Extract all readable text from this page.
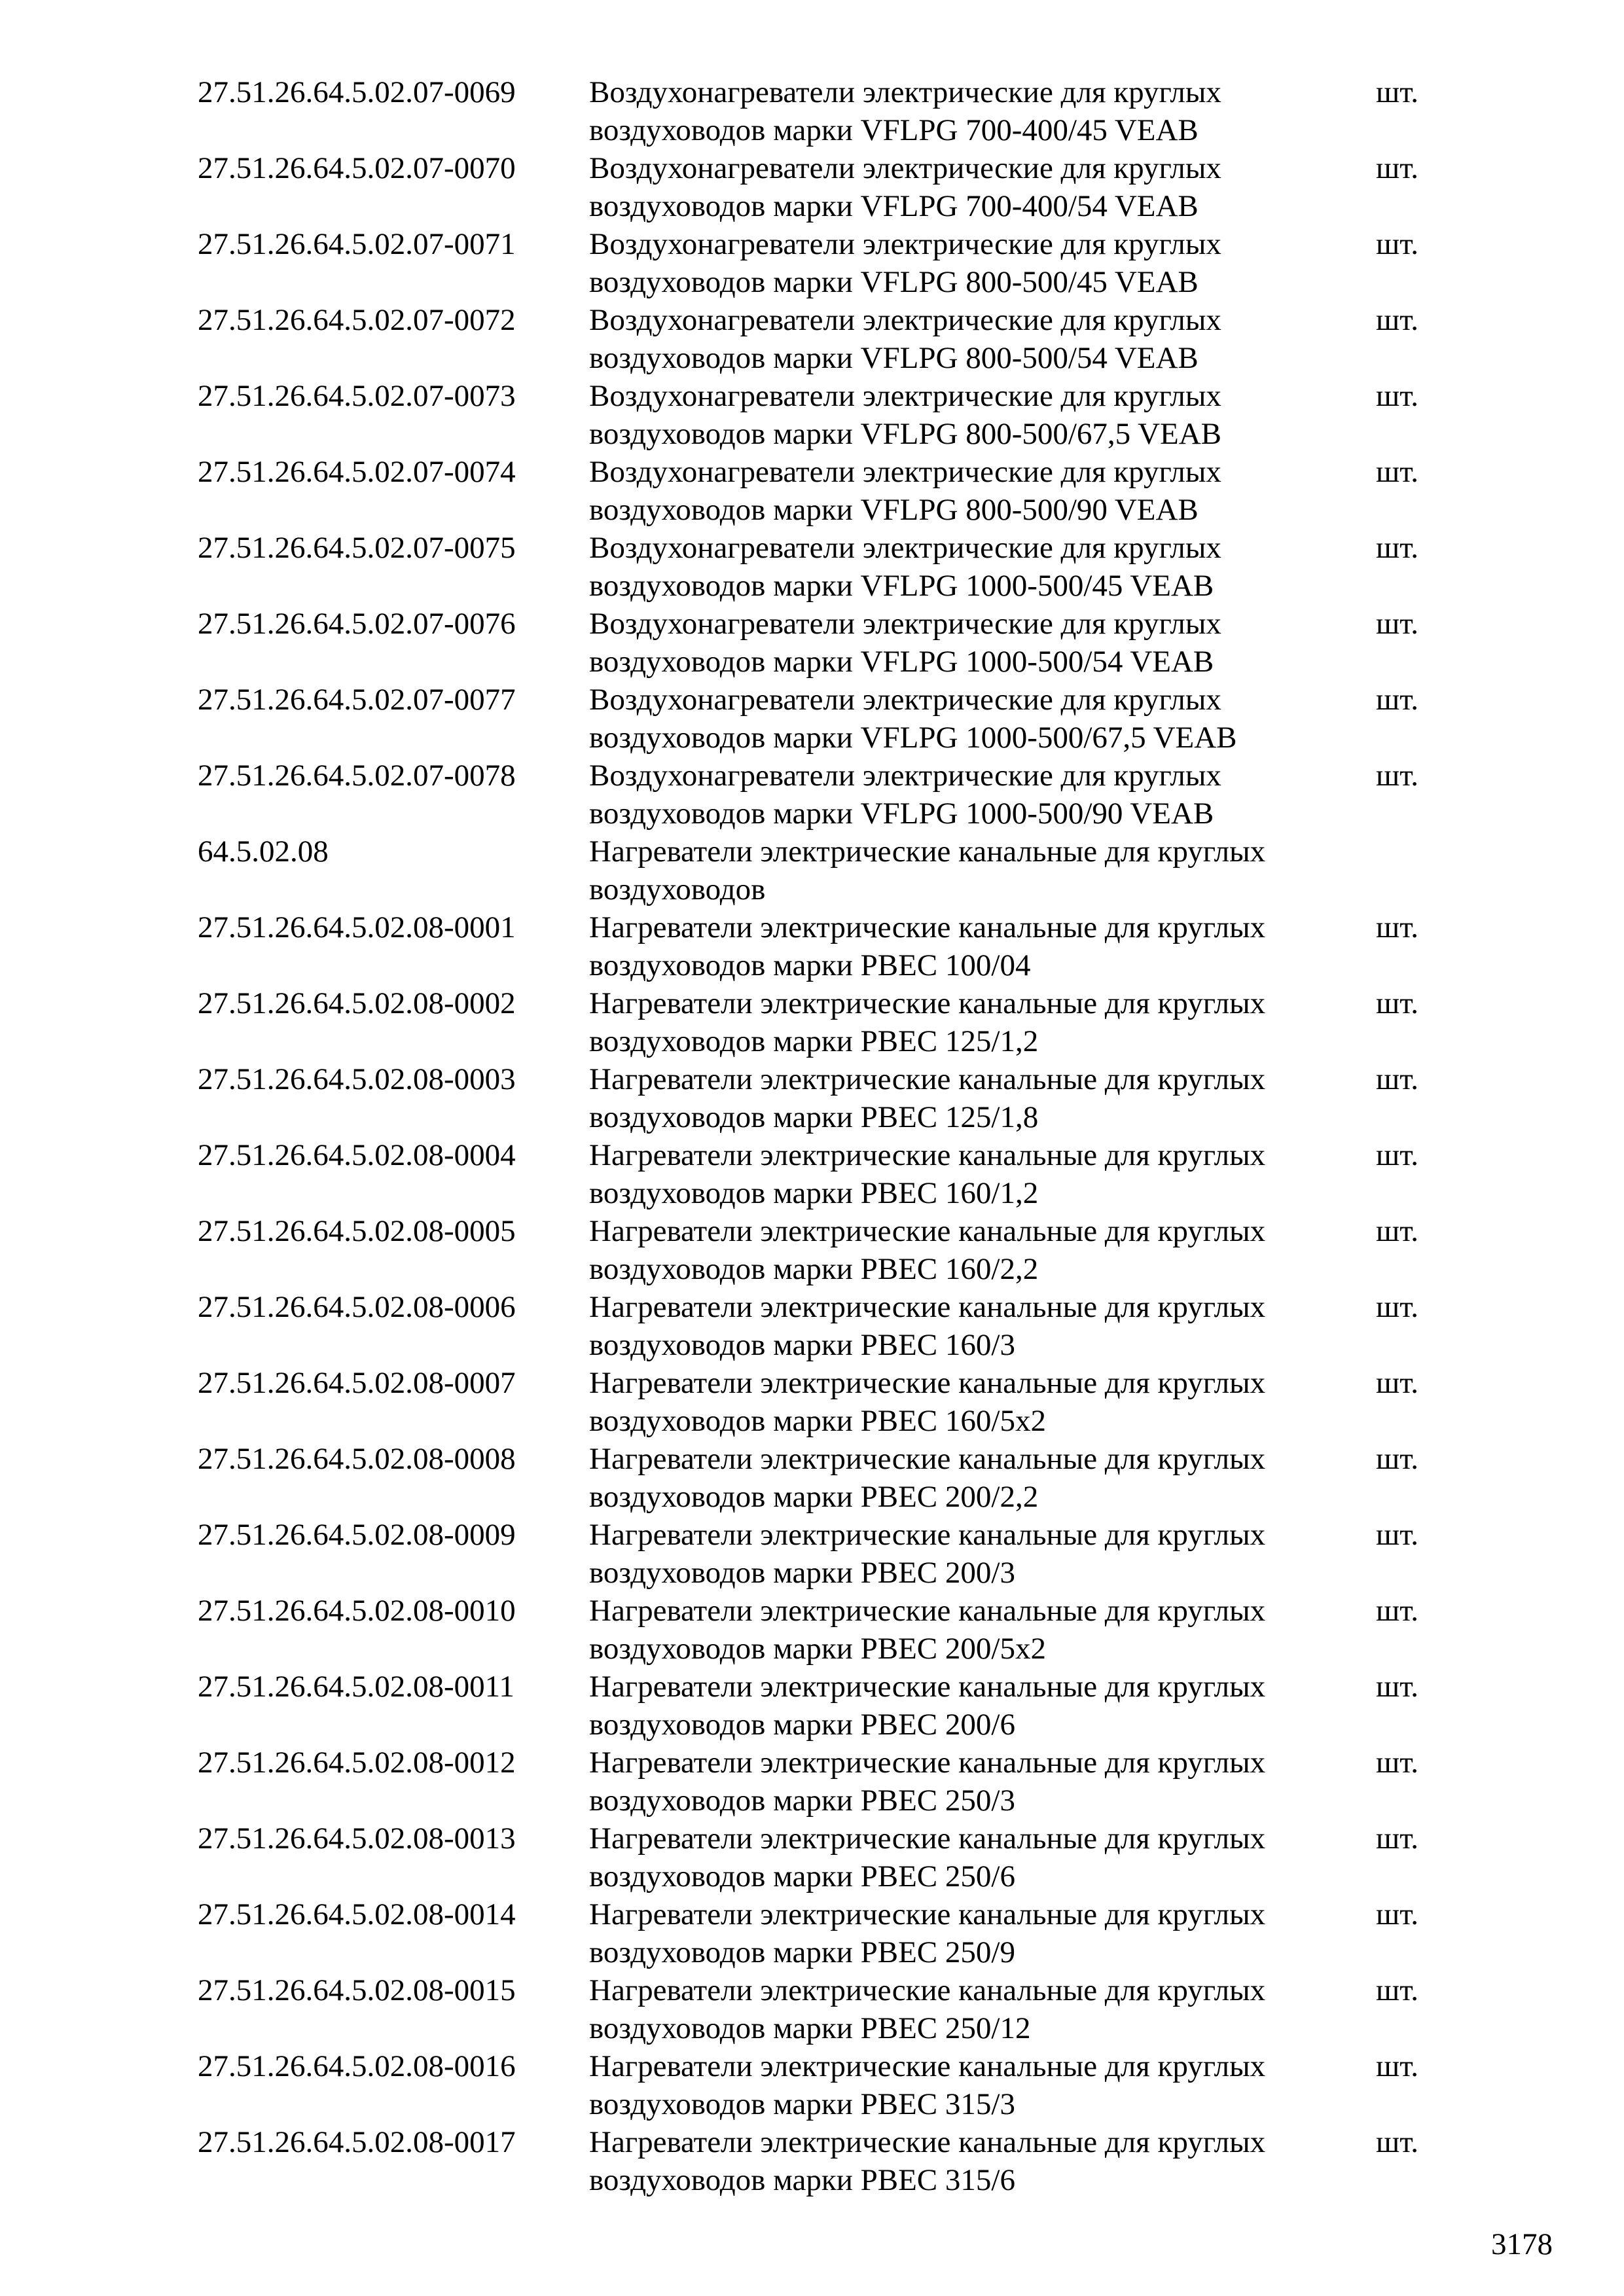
27.51.26.64.5.02.07-0069 Воздухонагреватели электрические для круглых
воздуховодов марки VFLPG 700-400/45 VEAB
шт.
27.51.26.64.5.02.07-0070 Воздухонагреватели электрические для круглых
воздуховодов марки VFLPG 700-400/54 VEAB
шт.
27.51.26.64.5.02.07-0071 Воздухонагреватели электрические для круглых
воздуховодов марки VFLPG 800-500/45 VEAB
шт.
27.51.26.64.5.02.07-0072 Воздухонагреватели электрические для круглых
воздуховодов марки VFLPG 800-500/54 VEAB
шт.
27.51.26.64.5.02.07-0073 Воздухонагреватели электрические для круглых
воздуховодов марки VFLPG 800-500/67,5 VEAB
шт.
27.51.26.64.5.02.07-0074 Воздухонагреватели электрические для круглых
воздуховодов марки VFLPG 800-500/90 VEAB
шт.
27.51.26.64.5.02.07-0075 Воздухонагреватели электрические для круглых
воздуховодов марки VFLPG 1000-500/45 VEAB
шт.
27.51.26.64.5.02.07-0076 Воздухонагреватели электрические для круглых
воздуховодов марки VFLPG 1000-500/54 VEAB
шт.
27.51.26.64.5.02.07-0077 Воздухонагреватели электрические для круглых
воздуховодов марки VFLPG 1000-500/67,5 VEAB
шт.
27.51.26.64.5.02.07-0078 Воздухонагреватели электрические для круглых
воздуховодов марки VFLPG 1000-500/90 VEAB
шт.
64.5.02.08	Нагреватели электрические канальные для круглых
воздуховодов
27.51.26.64.5.02.08-0001 Нагреватели электрические канальные для круглых
воздуховодов марки PBEC 100/04
шт.
27.51.26.64.5.02.08-0002 Нагреватели электрические канальные для круглых
воздуховодов марки PBEC 125/1,2
шт.
27.51.26.64.5.02.08-0003 Нагреватели электрические канальные для круглых
воздуховодов марки PBEC 125/1,8
шт.
27.51.26.64.5.02.08-0004 Нагреватели электрические канальные для круглых
воздуховодов марки PBEC 160/1,2
шт.
27.51.26.64.5.02.08-0005 Нагреватели электрические канальные для круглых
воздуховодов марки PBEC 160/2,2
шт.
27.51.26.64.5.02.08-0006 Нагреватели электрические канальные для круглых
воздуховодов марки PBEC 160/3
шт.
27.51.26.64.5.02.08-0007 Нагреватели электрические канальные для круглых
воздуховодов марки PBEC 160/5x2
шт.
27.51.26.64.5.02.08-0008 Нагреватели электрические канальные для круглых
воздуховодов марки PBEC 200/2,2
шт.
27.51.26.64.5.02.08-0009 Нагреватели электрические канальные для круглых
воздуховодов марки PBEC 200/3
шт.
27.51.26.64.5.02.08-0010 Нагреватели электрические канальные для круглых
воздуховодов марки PBEC 200/5x2
шт.
27.51.26.64.5.02.08-0011 Нагреватели электрические канальные для круглых
воздуховодов марки PBEC 200/6
шт.
27.51.26.64.5.02.08-0012 Нагреватели электрические канальные для круглых
воздуховодов марки PBEC 250/3
шт.
27.51.26.64.5.02.08-0013 Нагреватели электрические канальные для круглых
воздуховодов марки PBEC 250/6
шт.
27.51.26.64.5.02.08-0014 Нагреватели электрические канальные для круглых
воздуховодов марки PBEC 250/9
шт.
27.51.26.64.5.02.08-0015 Нагреватели электрические канальные для круглых
воздуховодов марки PBEC 250/12
шт.
27.51.26.64.5.02.08-0016 Нагреватели электрические канальные для круглых
воздуховодов марки PBEC 315/3
шт.
27.51.26.64.5.02.08-0017 Нагреватели электрические канальные для круглых
воздуховодов марки PBEC 315/6
шт.
3178
